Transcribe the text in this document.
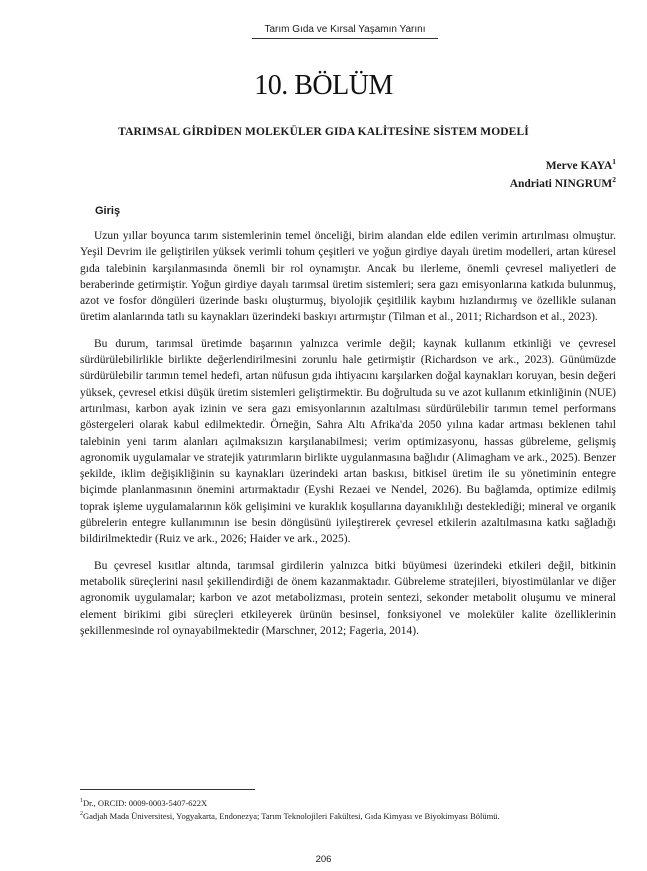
Tarım Gıda ve Kırsal Yaşamın Yarını
10. BÖLÜM
TARIMSAL GİRDİDEN MOLEKÜLER GIDA KALİTESİNE SİSTEM MODELİ
Merve KAYA$^1$
Andriati NINGRUM$^2$
Giriş

Uzun yıllar boyunca tarım sistemlerinin temel önceliği, birim alandan elde edilen verimin artırılması olmuştur. Yeşil Devrim ile geliştirilen yüksek verimli tohum çeşitleri ve yoğun girdiye dayalı üretim modelleri, artan küresel gıda talebinin karşılanmasında önemli bir rol oynamıştır. Ancak bu ilerleme, önemli çevresel maliyetleri de beraberinde getirmiştir. Yoğun girdiye dayalı tarımsal üretim sistemleri; sera gazı emisyonlarına katkıda bulunmuş, azot ve fosfor döngüleri üzerinde baskı oluşturmuş, biyolojik çeşitlilik kaybını hızlandırmış ve özellikle sulanan üretim alanlarında tatlı su kaynakları üzerindeki baskıyı artırmıştır (Tilman et al., 2011; Richardson et al., 2023).

Bu durum, tarımsal üretimde başarının yalnızca verimle değil; kaynak kullanım etkinliği ve çevresel sürdürülebilirlikle birlikte değerlendirilmesini zorunlu hale getirmiştir (Richardson ve ark., 2023). Günümüzde sürdürülebilir tarımın temel hedefi, artan nüfusun gıda ihtiyacını karşılarken doğal kaynakları koruyan, besin değeri yüksek, çevresel etkisi düşük üretim sistemleri geliştirmektir. Bu doğrultuda su ve azot kullanım etkinliğinin (NUE) artırılması, karbon ayak izinin ve sera gazı emisyonlarının azaltılması sürdürülebilir tarımın temel performans göstergeleri olarak kabul edilmektedir. Örneğin, Sahra Altı Afrika'da 2050 yılına kadar artması beklenen tahıl talebinin yeni tarım alanları açılmaksızın karşılanabilmesi; verim optimizasyonu, hassas gübreleme, gelişmiş agronomik uygulamalar ve stratejik yatırımların birlikte uygulanmasına bağlıdır (Alimagham ve ark., 2025). Benzer şekilde, iklim değişikliğinin su kaynakları üzerindeki artan baskısı, bitkisel üretim ile su yönetiminin entegre biçimde planlanmasının önemini artırmaktadır (Eyshi Rezaei ve Nendel, 2026). Bu bağlamda, optimize edilmiş toprak işleme uygulamalarının kök gelişimini ve kuraklık koşullarına dayanıklılığı desteklediği; mineral ve organik gübrelerin entegre kullanımının ise besin döngüsünü iyileştirerek çevresel etkilerin azaltılmasına katkı sağladığı bildirilmektedir (Ruiz ve ark., 2026; Haider ve ark., 2025).

Bu çevresel kısıtlar altında, tarımsal girdilerin yalnızca bitki büyümesi üzerindeki etkileri değil, bitkinin metabolik süreçlerini nasıl şekillendirdiği de önem kazanmaktadır. Gübreleme stratejileri, biyostimülanlar ve diğer agronomik uygulamalar; karbon ve azot metabolizması, protein sentezi, sekonder metabolit oluşumu ve mineral element birikimi gibi süreçleri etkileyerek ürünün besinsel, fonksiyonel ve moleküler kalite özelliklerinin şekillenmesinde rol oynayabilmektedir (Marschner, 2012; Fageria, 2014).

$^1$Dr., ORCID: 0009-0003-5407-622X
$^2$Gadjah Mada Üniversitesi, Yogyakarta, Endonezya; Tarım Teknolojileri Fakültesi, Gıda Kimyası ve Biyokimyası Bölümü.
206
